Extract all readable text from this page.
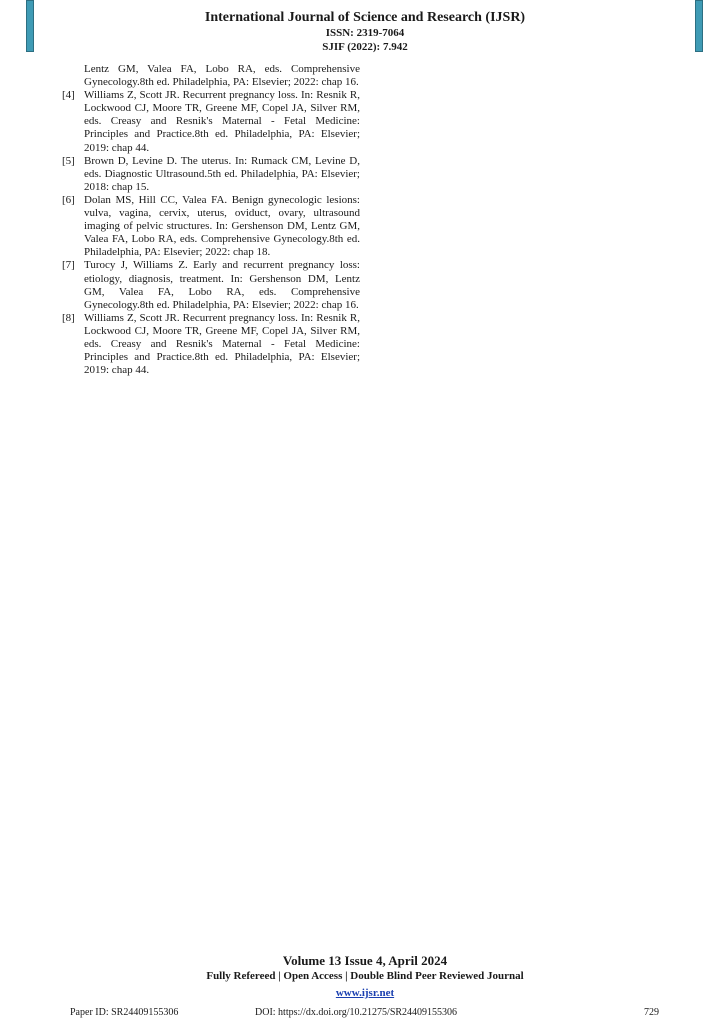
International Journal of Science and Research (IJSR)
ISSN: 2319-7064
SJIF (2022): 7.942
Lentz GM, Valea FA, Lobo RA, eds. Comprehensive Gynecology.8th ed. Philadelphia, PA: Elsevier; 2022: chap 16.
[4] Williams Z, Scott JR. Recurrent pregnancy loss. In: Resnik R, Lockwood CJ, Moore TR, Greene MF, Copel JA, Silver RM, eds. Creasy and Resnik's Maternal - Fetal Medicine: Principles and Practice.8th ed. Philadelphia, PA: Elsevier; 2019: chap 44.
[5] Brown D, Levine D. The uterus. In: Rumack CM, Levine D, eds. Diagnostic Ultrasound.5th ed. Philadelphia, PA: Elsevier; 2018: chap 15.
[6] Dolan MS, Hill CC, Valea FA. Benign gynecologic lesions: vulva, vagina, cervix, uterus, oviduct, ovary, ultrasound imaging of pelvic structures. In: Gershenson DM, Lentz GM, Valea FA, Lobo RA, eds. Comprehensive Gynecology.8th ed. Philadelphia, PA: Elsevier; 2022: chap 18.
[7] Turocy J, Williams Z. Early and recurrent pregnancy loss: etiology, diagnosis, treatment. In: Gershenson DM, Lentz GM, Valea FA, Lobo RA, eds. Comprehensive Gynecology.8th ed. Philadelphia, PA: Elsevier; 2022: chap 16.
[8] Williams Z, Scott JR. Recurrent pregnancy loss. In: Resnik R, Lockwood CJ, Moore TR, Greene MF, Copel JA, Silver RM, eds. Creasy and Resnik's Maternal - Fetal Medicine: Principles and Practice.8th ed. Philadelphia, PA: Elsevier; 2019: chap 44.
Volume 13 Issue 4, April 2024
Fully Refereed | Open Access | Double Blind Peer Reviewed Journal
www.ijsr.net
Paper ID: SR24409155306	DOI: https://dx.doi.org/10.21275/SR24409155306	729
